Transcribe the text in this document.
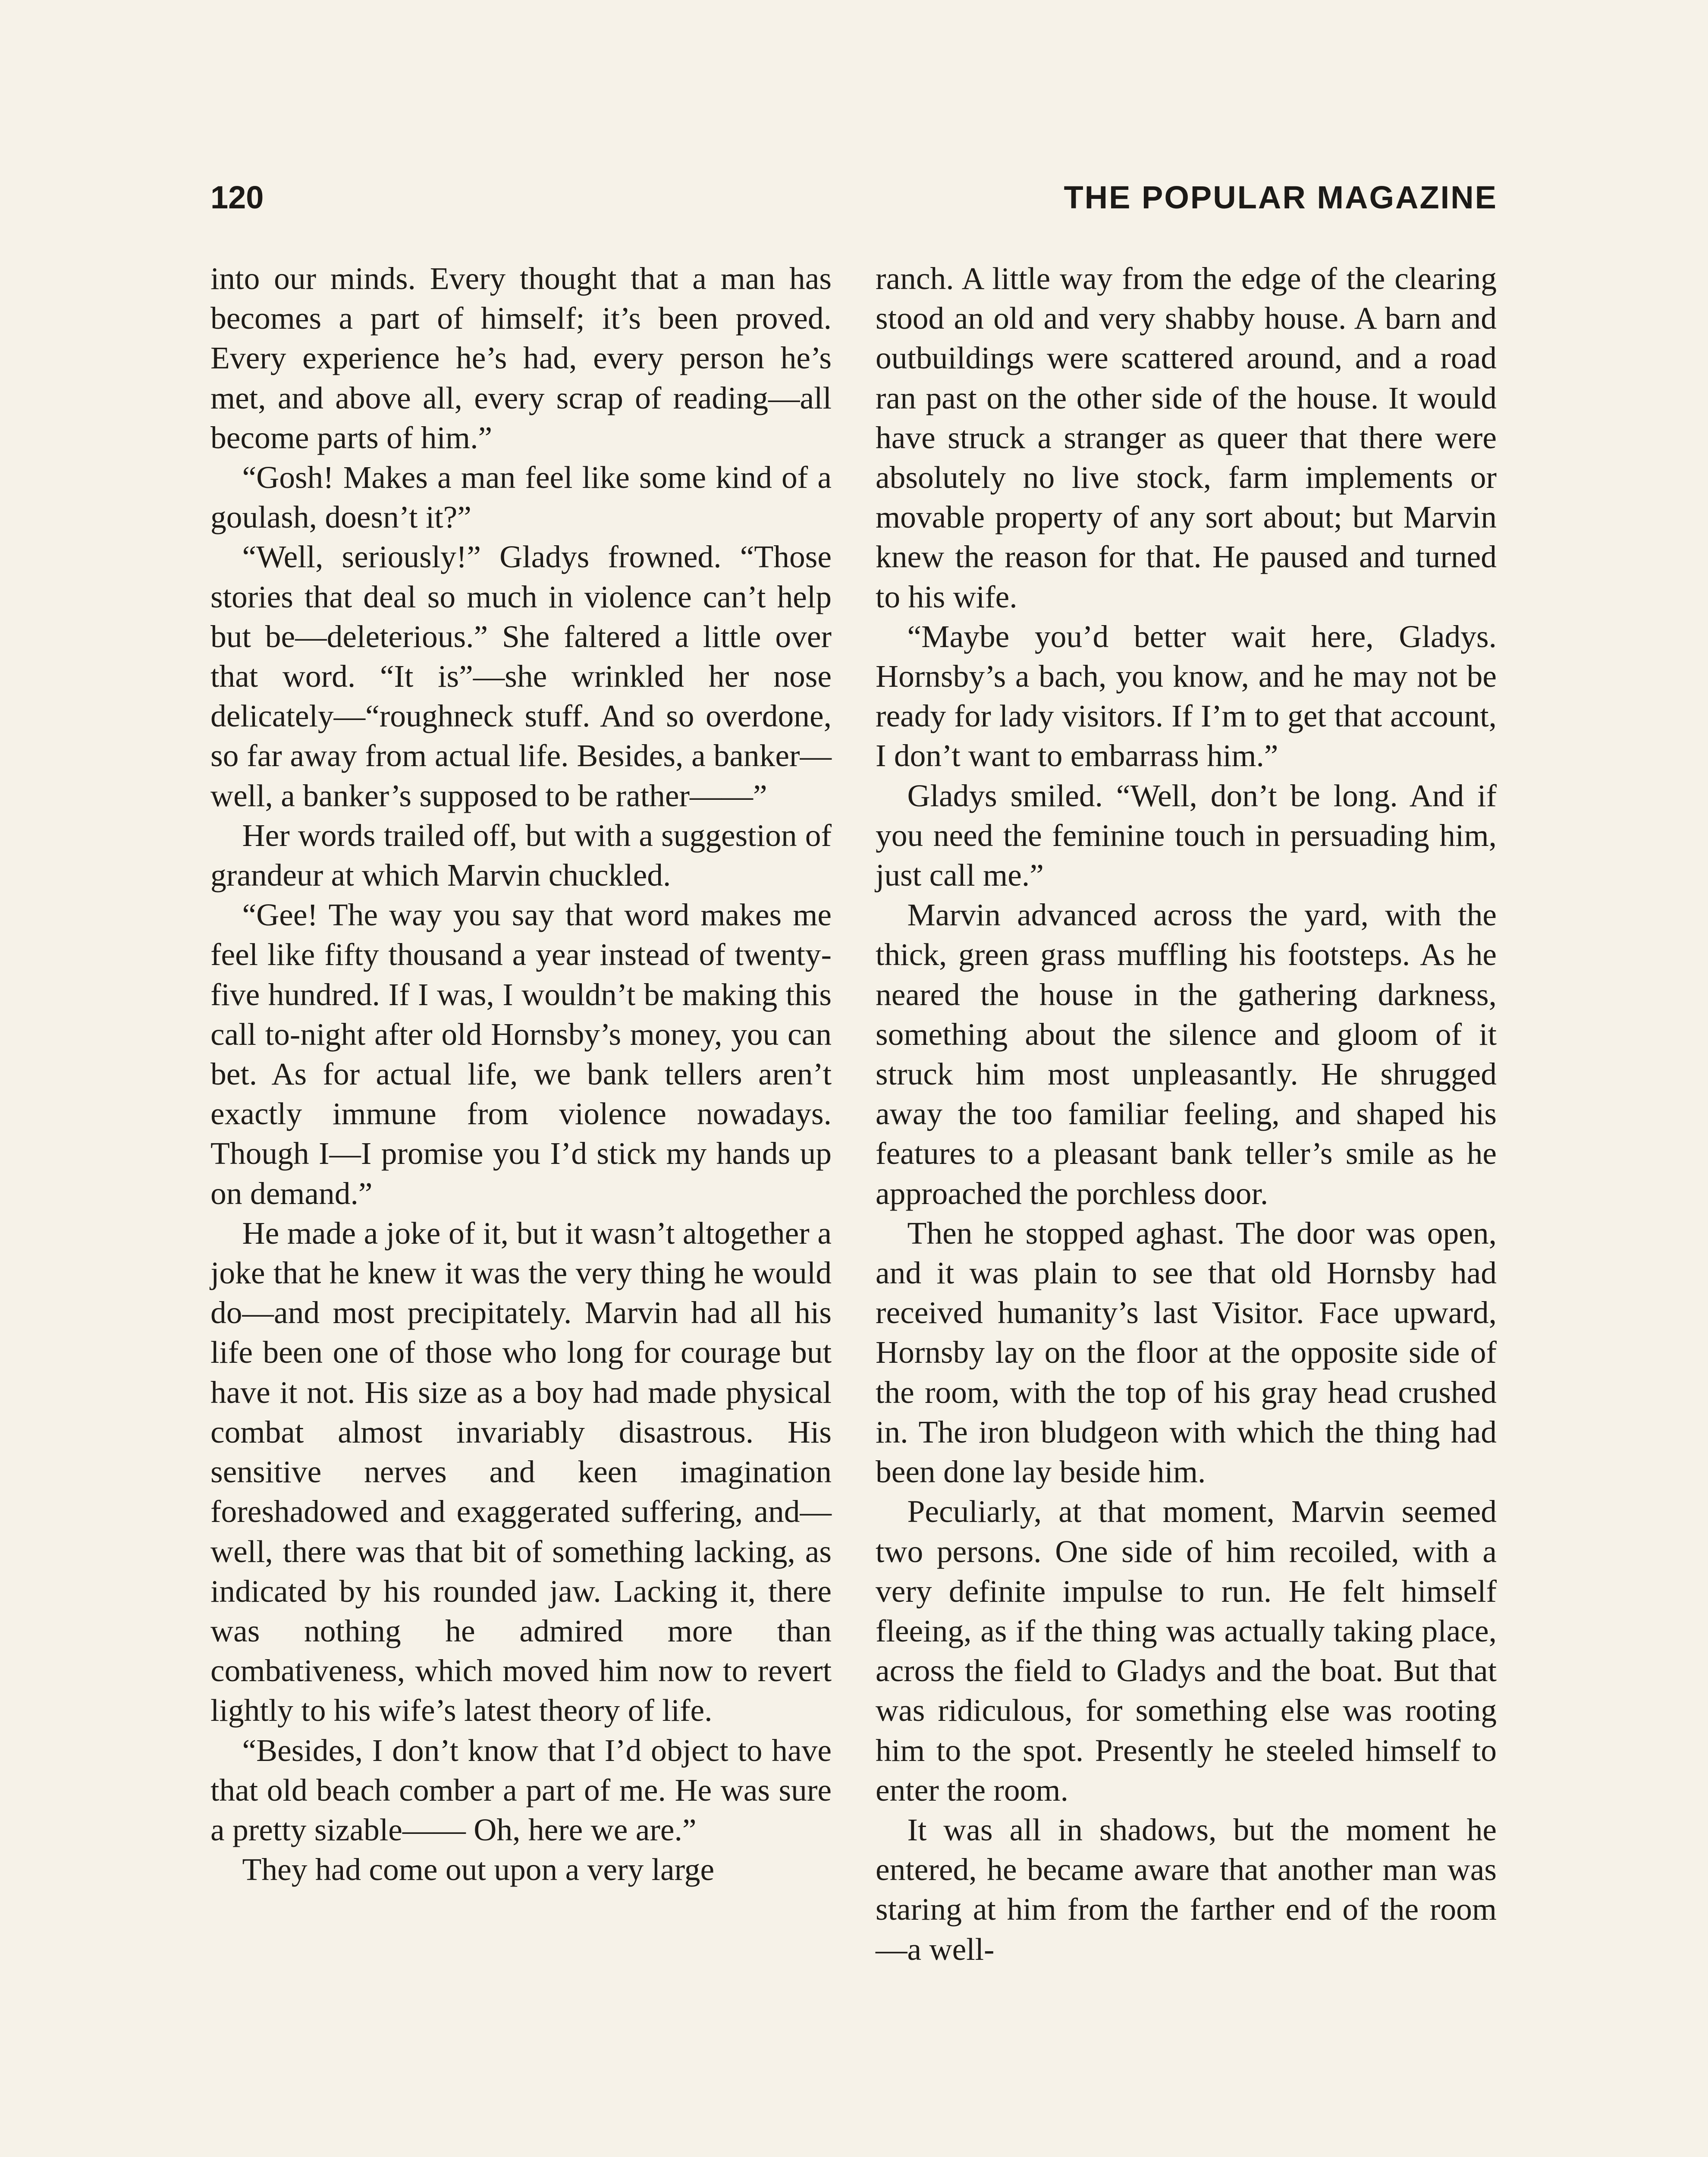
120	THE POPULAR MAGAZINE

into our minds. Every thought that a man has becomes a part of himself; it’s been proved. Every experience he’s had, every person he’s met, and above all, every scrap of reading—all become parts of him.”

“Gosh! Makes a man feel like some kind of a goulash, doesn’t it?”

“Well, seriously!” Gladys frowned. “Those stories that deal so much in violence can’t help but be—deleterious.” She faltered a little over that word. “It is”—she wrinkled her nose delicately—“roughneck stuff. And so overdone, so far away from actual life. Besides, a banker—well, a banker’s supposed to be rather——”

Her words trailed off, but with a suggestion of grandeur at which Marvin chuckled.

“Gee! The way you say that word makes me feel like fifty thousand a year instead of twenty-five hundred. If I was, I wouldn’t be making this call to-night after old Hornsby’s money, you can bet. As for actual life, we bank tellers aren’t exactly immune from violence nowadays. Though I—I promise you I’d stick my hands up on demand.”

He made a joke of it, but it wasn’t altogether a joke that he knew it was the very thing he would do—and most precipitately. Marvin had all his life been one of those who long for courage but have it not. His size as a boy had made physical combat almost invariably disastrous. His sensitive nerves and keen imagination foreshadowed and exaggerated suffering, and—well, there was that bit of something lacking, as indicated by his rounded jaw. Lacking it, there was nothing he admired more than combativeness, which moved him now to revert lightly to his wife’s latest theory of life.

“Besides, I don’t know that I’d object to have that old beach comber a part of me. He was sure a pretty sizable—— Oh, here we are.”

They had come out upon a very large

ranch. A little way from the edge of the clearing stood an old and very shabby house. A barn and outbuildings were scattered around, and a road ran past on the other side of the house. It would have struck a stranger as queer that there were absolutely no live stock, farm implements or movable property of any sort about; but Marvin knew the reason for that. He paused and turned to his wife.

“Maybe you’d better wait here, Gladys. Hornsby’s a bach, you know, and he may not be ready for lady visitors. If I’m to get that account, I don’t want to embarrass him.”

Gladys smiled. “Well, don’t be long. And if you need the feminine touch in persuading him, just call me.”

Marvin advanced across the yard, with the thick, green grass muffling his footsteps. As he neared the house in the gathering darkness, something about the silence and gloom of it struck him most unpleasantly. He shrugged away the too familiar feeling, and shaped his features to a pleasant bank teller’s smile as he approached the porchless door.

Then he stopped aghast. The door was open, and it was plain to see that old Hornsby had received humanity’s last Visitor. Face upward, Hornsby lay on the floor at the opposite side of the room, with the top of his gray head crushed in. The iron bludgeon with which the thing had been done lay beside him.

Peculiarly, at that moment, Marvin seemed two persons. One side of him recoiled, with a very definite impulse to run. He felt himself fleeing, as if the thing was actually taking place, across the field to Gladys and the boat. But that was ridiculous, for something else was rooting him to the spot. Presently he steeled himself to enter the room.

It was all in shadows, but the moment he entered, he became aware that another man was staring at him from the farther end of the room—a well-
